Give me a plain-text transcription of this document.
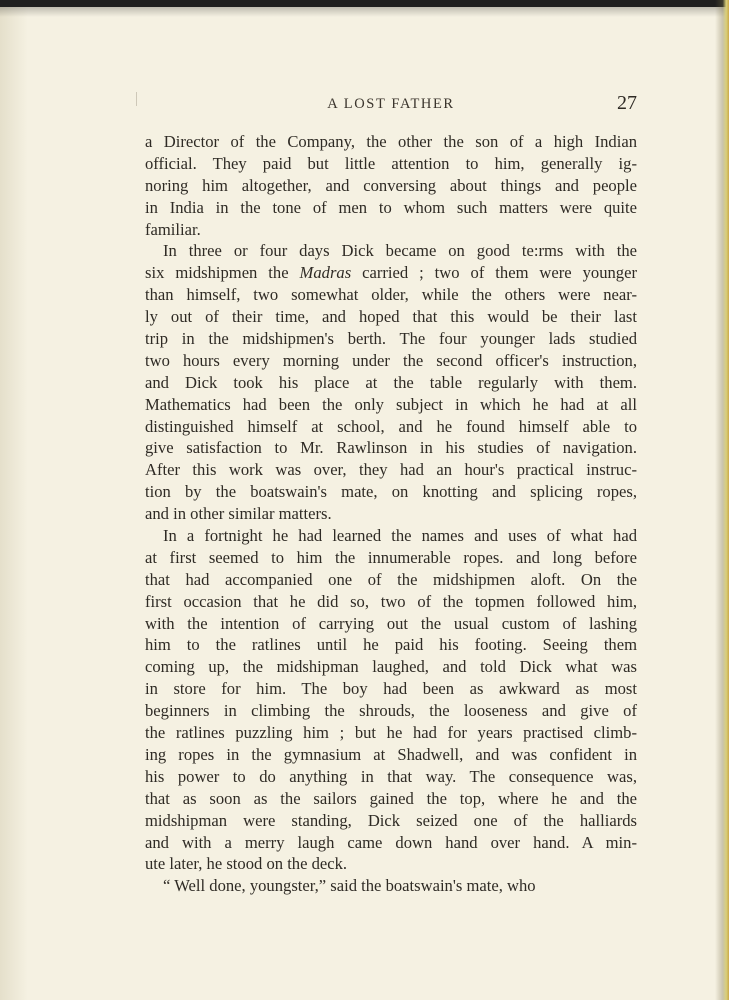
A LOST FATHER	27
a Director of the Company, the other the son of a high Indian
official. They paid but little attention to him, generally ig-
noring him altogether, and conversing about things and people
in India in the tone of men to whom such matters were quite
familiar.
In three or four days Dick became on good te:rms with the
six midshipmen the Madras carried ; two of them were younger
than himself, two somewhat older, while the others were near-
ly out of their time, and hoped that this would be their last
trip in the midshipmen's berth. The four younger lads studied
two hours every morning under the second officer's instruction,
and Dick took his place at the table regularly with them.
Mathematics had been the only subject in which he had at all
distinguished himself at school, and he found himself able to
give satisfaction to Mr. Rawlinson in his studies of navigation.
After this work was over, they had an hour's practical instruc-
tion by the boatswain's mate, on knotting and splicing ropes,
and in other similar matters.
In a fortnight he had learned the names and uses of what had
at first seemed to him the innumerable ropes. and long before
that had accompanied one of the midshipmen aloft. On the
first occasion that he did so, two of the topmen followed him,
with the intention of carrying out the usual custom of lashing
him to the ratlines until he paid his footing. Seeing them
coming up, the midshipman laughed, and told Dick what was
in store for him. The boy had been as awkward as most
beginners in climbing the shrouds, the looseness and give of
the ratlines puzzling him ; but he had for years practised climb-
ing ropes in the gymnasium at Shadwell, and was confident in
his power to do anything in that way. The consequence was,
that as soon as the sailors gained the top, where he and the
midshipman were standing, Dick seized one of the halliards
and with a merry laugh came down hand over hand. A min-
ute later, he stood on the deck.
“ Well done, youngster,” said the boatswain's mate, who
